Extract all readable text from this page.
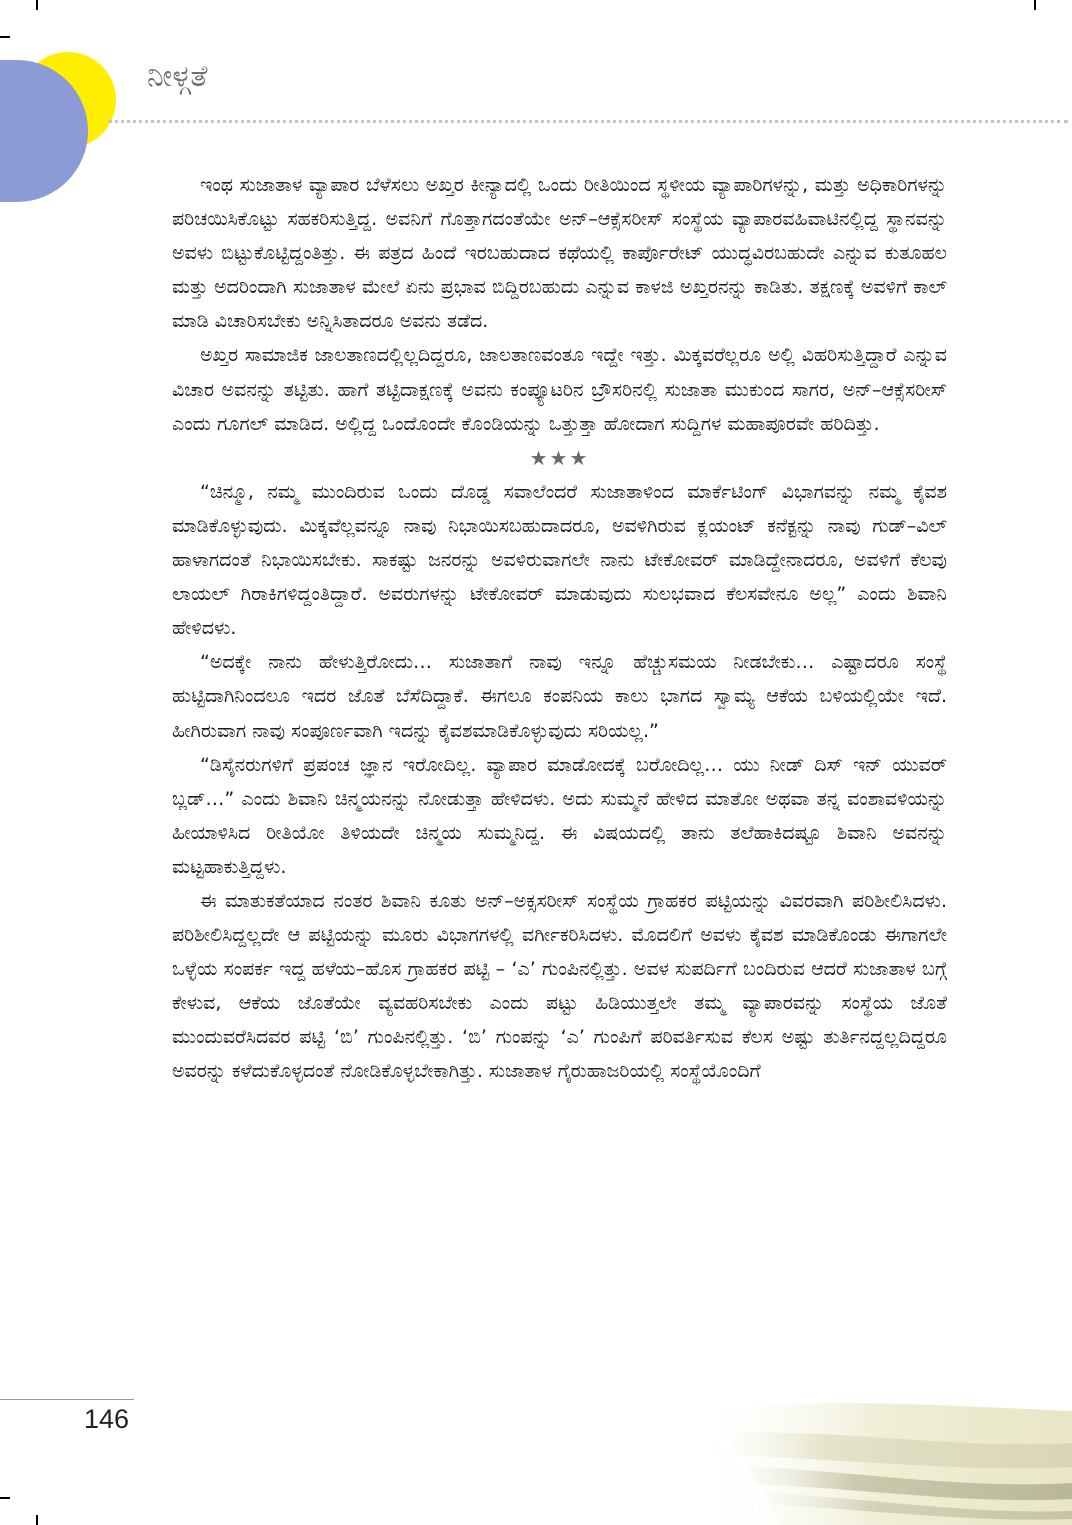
ನೀಳ್ಗತೆ

ಇಂಥ ಸುಜಾತಾಳ ವ್ಯಾಪಾರ ಬೆಳೆಸಲು ಅಖ್ತರ ಕೀನ್ಯಾದಲ್ಲಿ ಒಂದು ರೀತಿಯಿಂದ ಸ್ಥಳೀಯ ವ್ಯಾಪಾರಿಗಳನ್ನು, ಮತ್ತು ಅಧಿಕಾರಿಗಳನ್ನು ಪರಿಚಯಿಸಿಕೊಟ್ಟು ಸಹಕರಿಸುತ್ತಿದ್ದ. ಅವನಿಗೆ ಗೊತ್ತಾಗದಂತೆಯೇ ಅನ್–ಆಕ್ಸೆಸರೀಸ್ ಸಂಸ್ಥೆಯ ವ್ಯಾಪಾರವಹಿವಾಟಿನಲ್ಲಿದ್ದ ಸ್ಥಾನವನ್ನು ಅವಳು ಬಿಟ್ಟುಕೊಟ್ಟಿದ್ದಂತಿತ್ತು. ಈ ಪತ್ರದ ಹಿಂದೆ ಇರಬಹುದಾದ ಕಥೆಯಲ್ಲಿ ಕಾರ್ಪೊರೇಟ್ ಯುದ್ಧವಿರಬಹುದೇ ಎನ್ನುವ ಕುತೂಹಲ ಮತ್ತು ಅದರಿಂದಾಗಿ ಸುಜಾತಾಳ ಮೇಲೆ ಏನು ಪ್ರಭಾವ ಬಿದ್ದಿರಬಹುದು ಎನ್ನುವ ಕಾಳಜಿ ಅಖ್ತರನನ್ನು ಕಾಡಿತು. ತಕ್ಷಣಕ್ಕೆ ಅವಳಿಗೆ ಕಾಲ್ ಮಾಡಿ ವಿಚಾರಿಸಬೇಕು ಅನ್ನಿಸಿತಾದರೂ ಅವನು ತಡೆದ.

ಅಖ್ತರ ಸಾಮಾಜಿಕ ಜಾಲತಾಣದಲ್ಲಿಲ್ಲದಿದ್ದರೂ, ಜಾಲತಾಣವಂತೂ ಇದ್ದೇ ಇತ್ತು. ಮಿಕ್ಕವರೆಲ್ಲರೂ ಅಲ್ಲಿ ವಿಹರಿಸುತ್ತಿದ್ದಾರೆ ಎನ್ನುವ ವಿಚಾರ ಅವನನ್ನು ತಟ್ಟಿತು. ಹಾಗೆ ತಟ್ಟಿದಾಕ್ಷಣಕ್ಕೆ ಅವನು ಕಂಪ್ಯೂಟರಿನ ಬ್ರೌಸರಿನಲ್ಲಿ ಸುಜಾತಾ ಮುಕುಂದ ಸಾಗರ, ಅನ್–ಆಕ್ಸೆಸರೀಸ್ ಎಂದು ಗೂಗಲ್ ಮಾಡಿದ. ಅಲ್ಲಿದ್ದ ಒಂದೊಂದೇ ಕೊಂಡಿಯನ್ನು ಒತ್ತುತ್ತಾ ಹೋದಾಗ ಸುದ್ದಿಗಳ ಮಹಾಪೂರವೇ ಹರಿದಿತ್ತು.

★★★

“ಚಿನ್ಮೂ, ನಮ್ಮ ಮುಂದಿರುವ ಒಂದು ದೊಡ್ಡ ಸವಾಲೆಂದರೆ ಸುಜಾತಾಳಿಂದ ಮಾರ್ಕೆಟಿಂಗ್ ವಿಭಾಗವನ್ನು ನಮ್ಮ ಕೈವಶ ಮಾಡಿಕೊಳ್ಳುವುದು. ಮಿಕ್ಕವೆಲ್ಲವನ್ನೂ ನಾವು ನಿಭಾಯಿಸಬಹುದಾದರೂ, ಅವಳಿಗಿರುವ ಕ್ಲಯಂಟ್ ಕನೆಕ್ಟನ್ನು ನಾವು ಗುಡ್–ವಿಲ್ ಹಾಳಾಗದಂತೆ ನಿಭಾಯಿಸಬೇಕು. ಸಾಕಷ್ಟು ಜನರನ್ನು ಅವಳಿರುವಾಗಲೇ ನಾನು ಟೇಕೋವರ್ ಮಾಡಿದ್ದೇನಾದರೂ, ಅವಳಿಗೆ ಕೆಲವು ಲಾಯಲ್ ಗಿರಾಕಿಗಳಿದ್ದಂತಿದ್ದಾರೆ. ಅವರುಗಳನ್ನು ಟೇಕೋವರ್ ಮಾಡುವುದು ಸುಲಭವಾದ ಕೆಲಸವೇನೂ ಅಲ್ಲ” ಎಂದು ಶಿವಾನಿ ಹೇಳಿದಳು.

“ಅದಕ್ಕೇ ನಾನು ಹೇಳುತ್ತಿರೋದು… ಸುಜಾತಾಗೆ ನಾವು ಇನ್ನೂ ಹೆಚ್ಚುಸಮಯ ನೀಡಬೇಕು… ಎಷ್ಟಾದರೂ ಸಂಸ್ಥೆ ಹುಟ್ಟಿದಾಗಿನಿಂದಲೂ ಇದರ ಜೊತೆ ಬೆಸೆದಿದ್ದಾಕೆ. ಈಗಲೂ ಕಂಪನಿಯ ಕಾಲು ಭಾಗದ ಸ್ವಾಮ್ಯ ಆಕೆಯ ಬಳಿಯಲ್ಲಿಯೇ ಇದೆ. ಹೀಗಿರುವಾಗ ನಾವು ಸಂಪೂರ್ಣವಾಗಿ ಇದನ್ನು ಕೈವಶಮಾಡಿಕೊಳ್ಳುವುದು ಸರಿಯಲ್ಲ.”

“ಡಿಸೈನರುಗಳಿಗೆ ಪ್ರಪಂಚ ಜ್ಞಾನ ಇರೋದಿಲ್ಲ. ವ್ಯಾಪಾರ ಮಾಡೋದಕ್ಕೆ ಬರೋದಿಲ್ಲ… ಯು ನೀಡ್ ದಿಸ್ ಇನ್ ಯುವರ್ ಬ್ಲಡ್…” ಎಂದು ಶಿವಾನಿ ಚಿನ್ಮಯನನ್ನು ನೋಡುತ್ತಾ ಹೇಳಿದಳು. ಅದು ಸುಮ್ಮನೆ ಹೇಳಿದ ಮಾತೋ ಅಥವಾ ತನ್ನ ವಂಶಾವಳಿಯನ್ನು ಹೀಯಾಳಿಸಿದ ರೀತಿಯೋ ತಿಳಿಯದೇ ಚಿನ್ಮಯ ಸುಮ್ಮನಿದ್ದ. ಈ ವಿಷಯದಲ್ಲಿ ತಾನು ತಲೆಹಾಕಿದಷ್ಟೂ ಶಿವಾನಿ ಅವನನ್ನು ಮಟ್ಟಹಾಕುತ್ತಿದ್ದಳು.

ಈ ಮಾತುಕತೆಯಾದ ನಂತರ ಶಿವಾನಿ ಕೂತು ಅನ್–ಅಕ್ಸಸರೀಸ್ ಸಂಸ್ಥೆಯ ಗ್ರಾಹಕರ ಪಟ್ಟಿಯನ್ನು ವಿವರವಾಗಿ ಪರಿಶೀಲಿಸಿದಳು. ಪರಿಶೀಲಿಸಿದ್ದಲ್ಲದೇ ಆ ಪಟ್ಟಿಯನ್ನು ಮೂರು ವಿಭಾಗಗಳಲ್ಲಿ ವರ್ಗೀಕರಿಸಿದಳು. ಮೊದಲಿಗೆ ಅವಳು ಕೈವಶ ಮಾಡಿಕೊಂಡು ಈಗಾಗಲೇ ಒಳ್ಳೆಯ ಸಂಪರ್ಕ ಇದ್ದ ಹಳೆಯ–ಹೊಸ ಗ್ರಾಹಕರ ಪಟ್ಟಿ – ‘ಎ’ ಗುಂಪಿನಲ್ಲಿತ್ತು. ಅವಳ ಸುಪರ್ದಿಗೆ ಬಂದಿರುವ ಆದರೆ ಸುಜಾತಾಳ ಬಗ್ಗೆ ಕೇಳುವ, ಆಕೆಯ ಜೊತೆಯೇ ವ್ಯವಹರಿಸಬೇಕು ಎಂದು ಪಟ್ಟು ಹಿಡಿಯುತ್ತಲೇ ತಮ್ಮ ವ್ಯಾಪಾರವನ್ನು ಸಂಸ್ಥೆಯ ಜೊತೆ ಮುಂದುವರೆಸಿದವರ ಪಟ್ಟಿ ‘ಬಿ’ ಗುಂಪಿನಲ್ಲಿತ್ತು. ‘ಬಿ’ ಗುಂಪನ್ನು ‘ಎ’ ಗುಂಪಿಗೆ ಪರಿವರ್ತಿಸುವ ಕೆಲಸ ಅಷ್ಟು ತುರ್ತಿನದ್ದಲ್ಲದಿದ್ದರೂ ಅವರನ್ನು ಕಳೆದುಕೊಳ್ಳದಂತೆ ನೋಡಿಕೊಳ್ಳಬೇಕಾಗಿತ್ತು. ಸುಜಾತಾಳ ಗೈರುಹಾಜರಿಯಲ್ಲಿ ಸಂಸ್ಥೆಯೊಂದಿಗೆ

146
